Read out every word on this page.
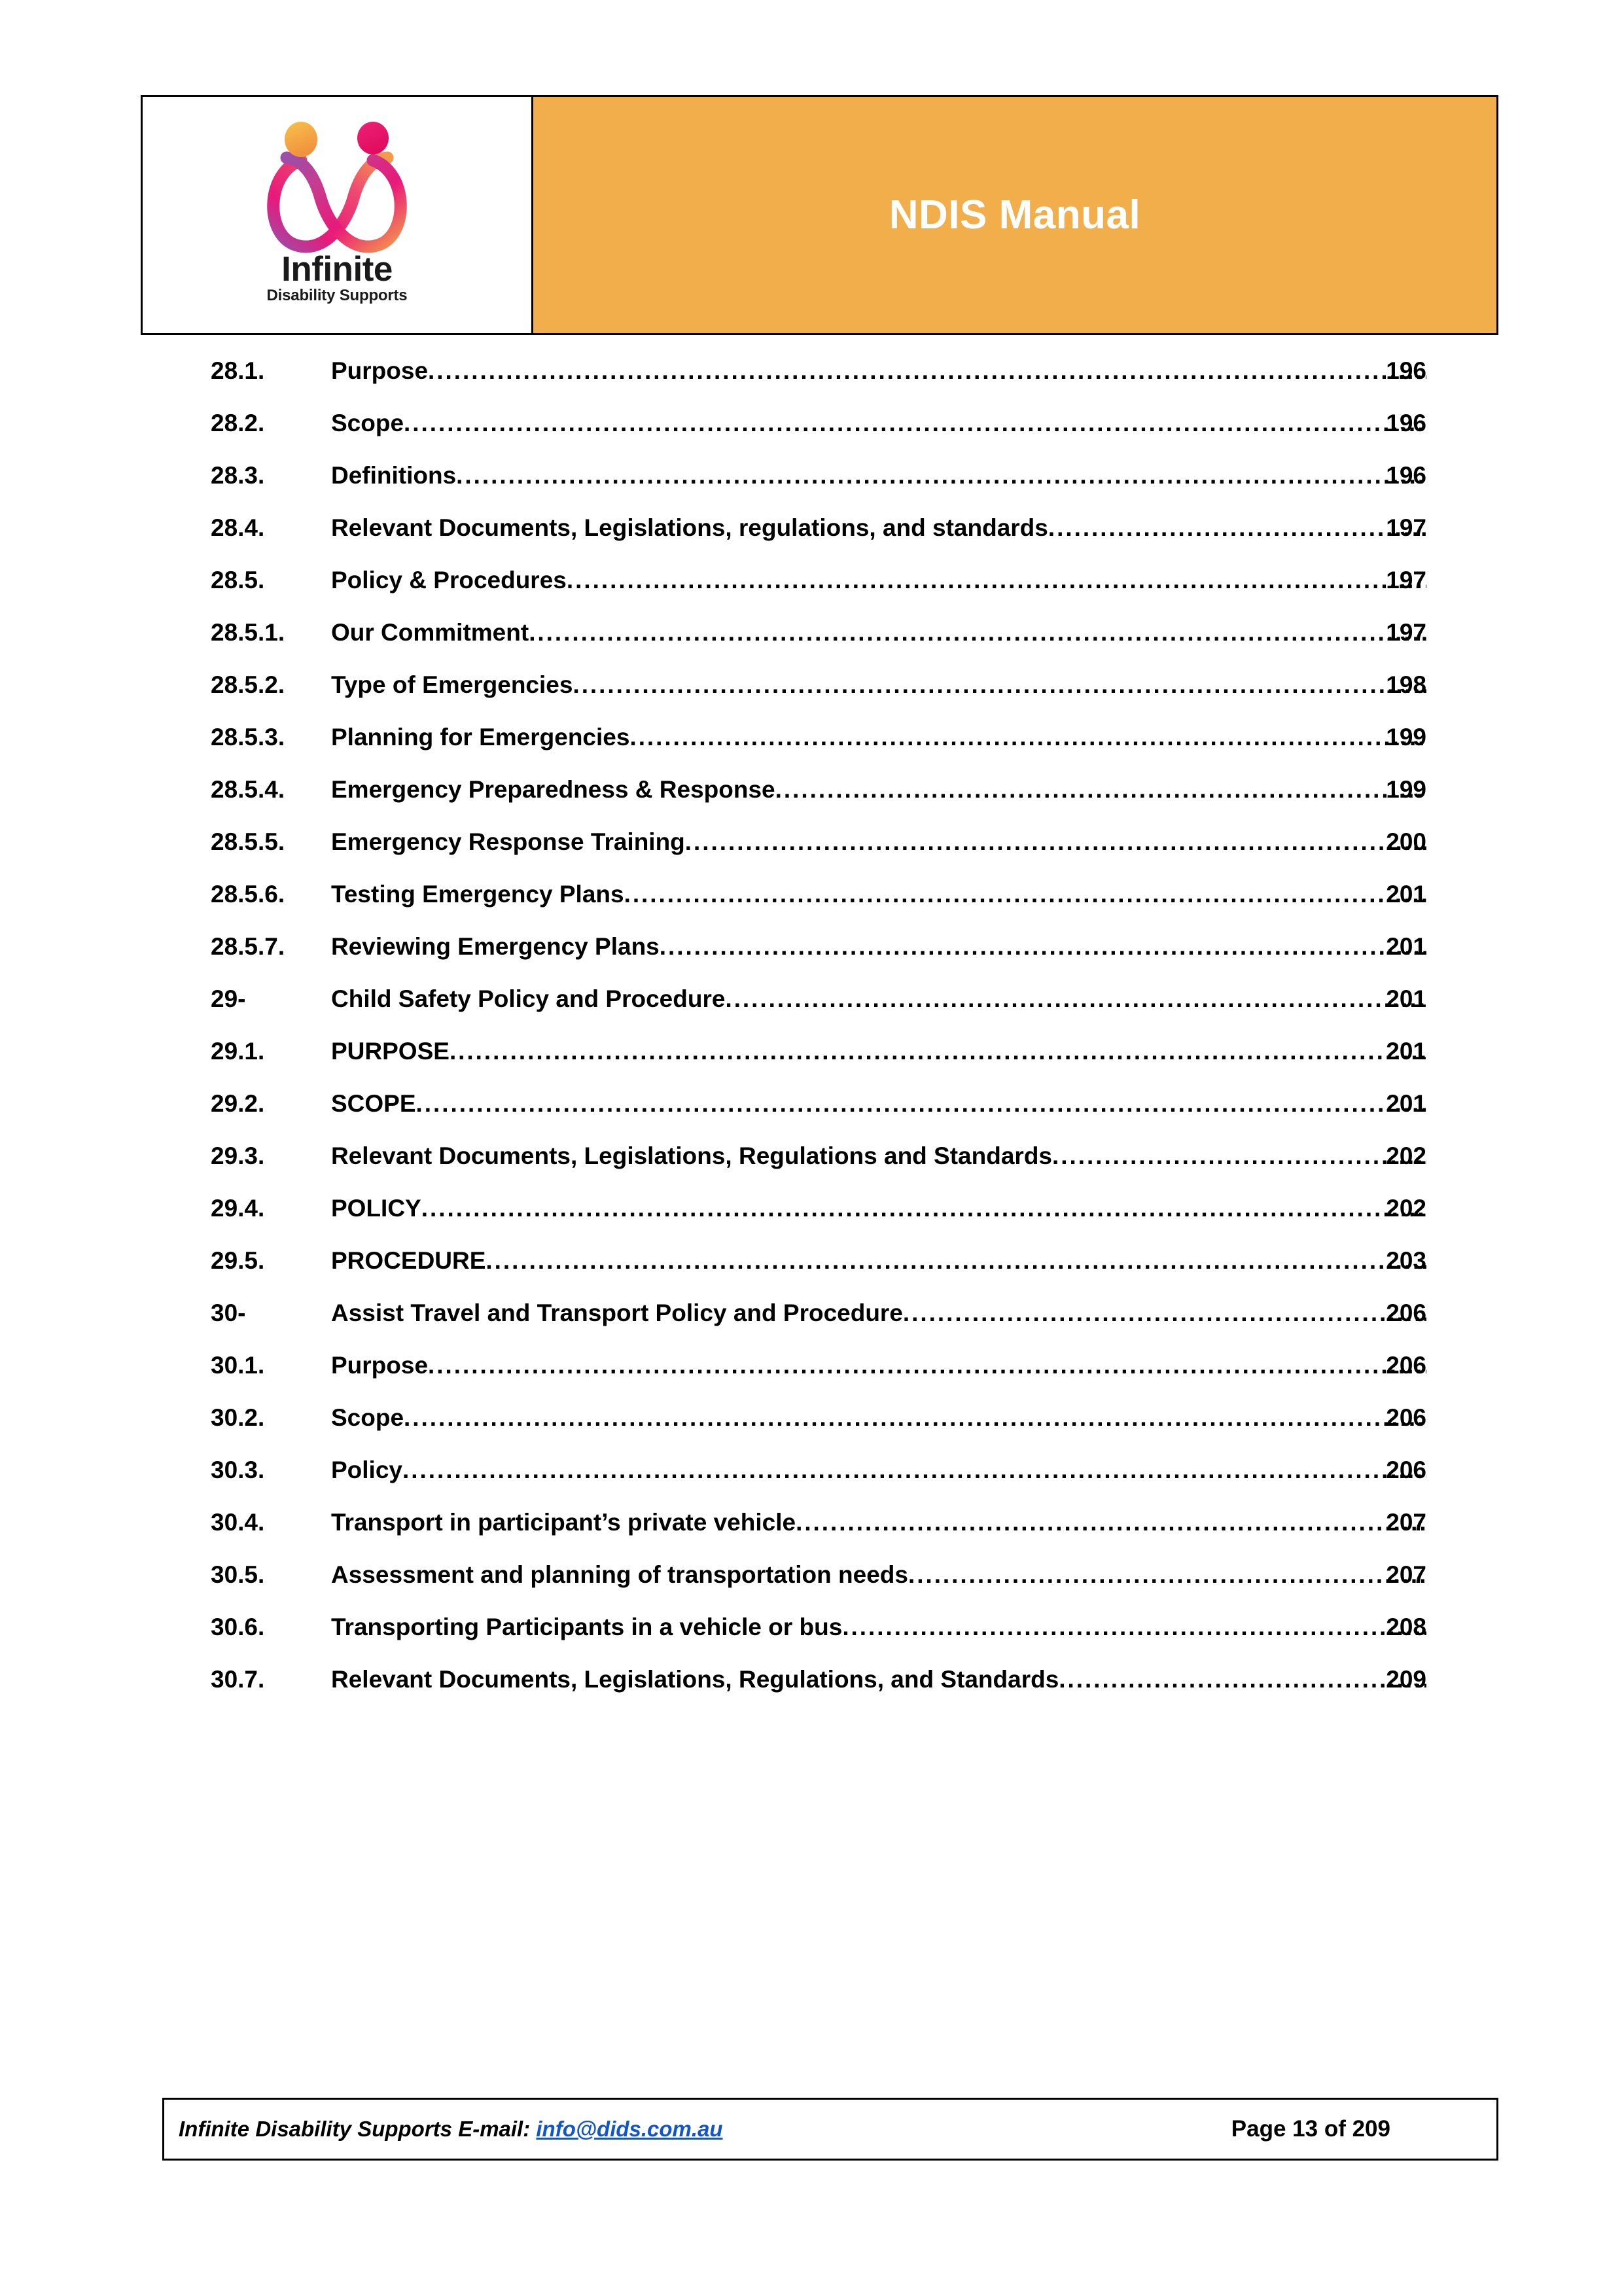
Infinite
Disability Supports
NDIS Manual
28.1.	Purpose .....	196
28.2.	Scope .....	196
28.3.	Definitions .....	196
28.4.	Relevant Documents, Legislations, regulations, and standards .....	197
28.5.	Policy & Procedures .....	197
28.5.1. Our Commitment .....	197
28.5.2. Type of Emergencies .....	198
28.5.3. Planning for Emergencies .....	199
28.5.4. Emergency Preparedness & Response .....	199
28.5.5. Emergency Response Training .....	200
28.5.6. Testing Emergency Plans .....	201
28.5.7. Reviewing Emergency Plans .....	201
29-	Child Safety Policy and Procedure .....	201
29.1.	PURPOSE .....	201
29.2.	SCOPE .....	201
29.3.	Relevant Documents, Legislations, Regulations and Standards .....	202
29.4.	POLICY .....	202
29.5.	PROCEDURE .....	203
30-	Assist Travel and Transport Policy and Procedure .....	206
30.1.	Purpose .....	206
30.2.	Scope .....	206
30.3.	Policy .....	206
30.4.	Transport in participant’s private vehicle .....	207
30.5.	Assessment and planning of transportation needs .....	207
30.6.	Transporting Participants in a vehicle or bus .....	208
30.7.	Relevant Documents, Legislations, Regulations, and Standards .....	209
Infinite Disability Supports E-mail: info@dids.com.au	Page 13 of 209
